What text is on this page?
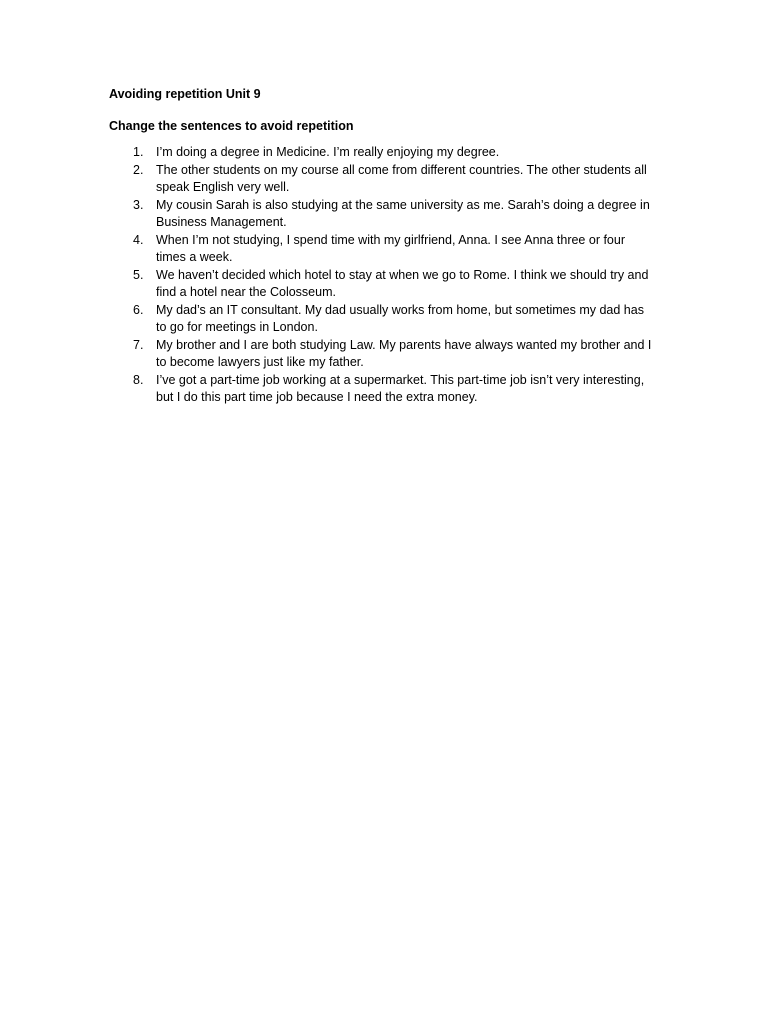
Avoiding repetition Unit 9

Change the sentences to avoid repetition

1. I’m doing a degree in Medicine. I’m really enjoying my degree.
2. The other students on my course all come from different countries. The other students all speak English very well.
3. My cousin Sarah is also studying at the same university as me. Sarah’s doing a degree in Business Management.
4. When I’m not studying, I spend time with my girlfriend, Anna. I see Anna three or four times a week.
5. We haven’t decided which hotel to stay at when we go to Rome. I think we should try and find a hotel near the Colosseum.
6. My dad’s an IT consultant. My dad usually works from home, but sometimes my dad has to go for meetings in London.
7. My brother and I are both studying Law. My parents have always wanted my brother and I to become lawyers just like my father.
8. I’ve got a part-time job working at a supermarket. This part-time job isn’t very interesting, but I do this part time job because I need the extra money.
